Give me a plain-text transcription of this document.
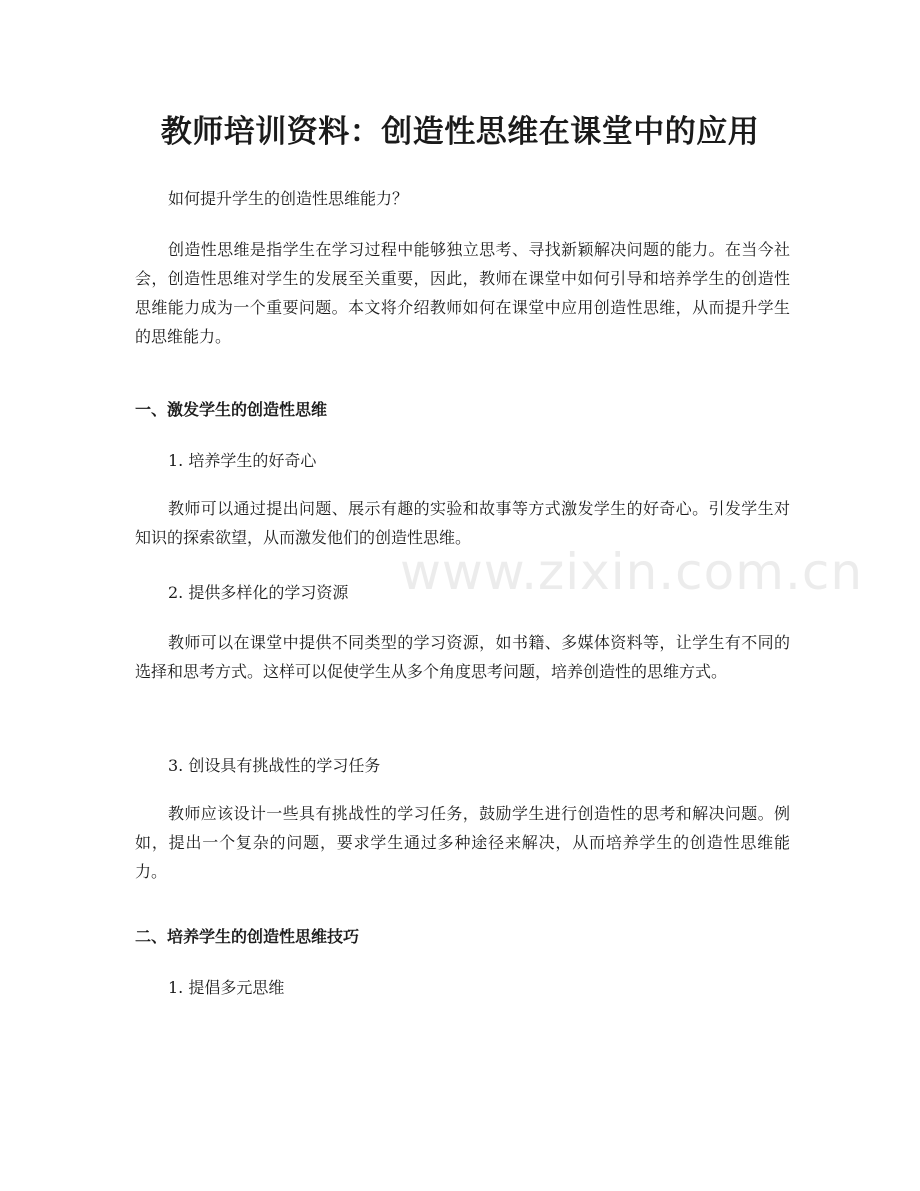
www.zixin.com.cn
教师培训资料：创造性思维在课堂中的应用

如何提升学生的创造性思维能力？

创造性思维是指学生在学习过程中能够独立思考、寻找新颖解决问题的能力。在当今社会，创造性思维对学生的发展至关重要，因此，教师在课堂中如何引导和培养学生的创造性思维能力成为一个重要问题。本文将介绍教师如何在课堂中应用创造性思维，从而提升学生的思维能力。

一、激发学生的创造性思维

1. 培养学生的好奇心

教师可以通过提出问题、展示有趣的实验和故事等方式激发学生的好奇心。引发学生对知识的探索欲望，从而激发他们的创造性思维。

2. 提供多样化的学习资源

教师可以在课堂中提供不同类型的学习资源，如书籍、多媒体资料等，让学生有不同的选择和思考方式。这样可以促使学生从多个角度思考问题，培养创造性的思维方式。

3. 创设具有挑战性的学习任务

教师应该设计一些具有挑战性的学习任务，鼓励学生进行创造性的思考和解决问题。例如，提出一个复杂的问题，要求学生通过多种途径来解决，从而培养学生的创造性思维能力。

二、培养学生的创造性思维技巧

1. 提倡多元思维
